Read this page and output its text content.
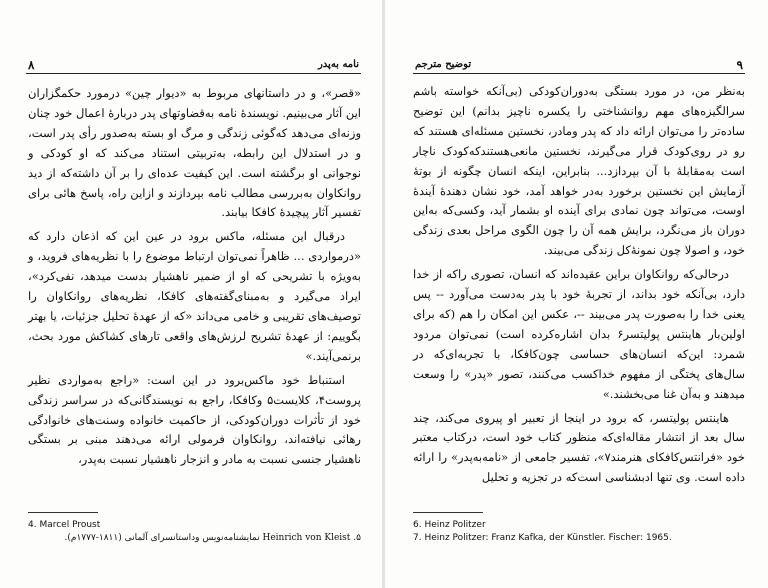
۸	نامه به‌پدر

«قصر»، و در داستانهای مربوط به «دیوار چین» درمورد حکمگزاران این آثار می‌بینیم. نویسندهٔ نامه به‌قضاوتهای پدر دربارهٔ اعمال خود چنان وزنه‌ای می‌دهد که‌گوئی زندگی و مرگ او بسته به‌صدور رأی پدر است، و در استدلال این رابطه، به‌تربیتی استناد می‌کند که او کودکی و نوجوانی او برگشته است. این کیفیت عده‌ای را بر آن داشته‌که از دید روانکاوان به‌بررسی مطالب نامه بپردازند و ازاین راه، پاسخ هائی برای تفسیر آثار پیچیدهٔ کافکا بیابند.

درقبال این مسئله، ماکس برود در عین این که اذعان دارد که «درمواردی ... ظاهراً نمی‌توان ارتباط موضوع را با نظریه‌های فروید، و به‌ویژه با تشریحی که او از ضمیر ناهشیار بدست میدهد، نفی‌کرد»، ایراد می‌گیرد و به‌مبنای‌گفته‌های کافکا، نظریه‌های روانکاوان را توصیف‌های تقریبی و خامی می‌داند «که از عهدهٔ تحلیل جزئیات، یا بهتر بگوییم: از عهدهٔ تشریح لرزش‌های واقعی تارهای کشاکش مورد بحث، برنمی‌آیند.»

استنباط خود ماکس‌برود در این است: «راجع به‌مواردی نظیر پروست۴، کلایست۵ وکافکا، راجع به نویسندگانی‌که در سراسر زندگی خود از تأثرات دوران‌کودکی، از حاکمیت خانواده وسنت‌های خانوادگی رهائی نیافته‌اند، روانکاوان فرمولی ارائه می‌دهند مبنی بر بستگی ناهشیار جنسی نسبت به مادر و انزجار ناهشیار نسبت به‌پدر،

4. Marcel Proust
۵. Heinrich von Kleist نمایشنامه‌نویس وداستانسرای آلمانی (۱۸۱۱-۱۷۷۷م).
توضیح مترجم	۹

به‌نظر من، در مورد بستگی به‌دوران‌کودکی (بی‌آنکه خواسته باشم سرالگیزه‌های مهم روانشناختی را یکسره ناچیز بدانم) این توضیح ساده‌تر را می‌توان ارائه داد که پدر ومادر، نخستین مسئله‌ای هستند که رو در روی‌کودک قرار می‌گیرند، نخستین مانعی‌هستندکه‌کودک ناچار است به‌مقابلهٔ با آن بپردازد... بنابراین، اینکه انسان چگونه از بوتهٔ آزمایش این نخستین برخورد به‌در خواهد آمد، خود نشان دهندهٔ آیندهٔ اوست، می‌تواند چون نمادی برای آینده او بشمار آید، وکسی‌که به‌این دوران باز می‌نگرد، برایش همه آن را چون الگوی مراحل بعدی زندگی خود، و اصولا چون نمونهٔ‌کل زندگی می‌بیند.

درحالی‌که روانکاوان براین عقیده‌اند که انسان، تصوری را‌که از خدا دارد، بی‌آنکه خود بداند، از تجربهٔ خود با پدر به‌دست می‌آورد -- پس یعنی خدا را به‌صورت پدر می‌بیند --، عکس این امکان را هم (که برای اولین‌بار هاینتس پولیتسر۶ بدان اشاره‌کرده است) نمی‌توان مردود شمرد: این‌که انسان‌های حساسی چون‌کافکا، با تجربه‌ای‌که در سال‌های پختگی از مفهوم خدا‌کسب می‌کنند، تصور «پدر» را وسعت میدهند و به‌آن غنا می‌بخشند.»

هاینتس پولیتسر، که برود در اینجا از تعبیر او پیروی می‌کند، چند سال بعد از انتشار مقاله‌ای‌که منظور کتاب خود است، درکتاب معتبر خود «فرانتس‌کافکای هنرمند۷»، تفسیر جامعی از «نامه‌به‌پدر» را ارائه داده است. وی تنها ادبشناسی است‌که در تجزیه و تحلیل

6. Heinz Politzer
7. Heinz Politzer: Franz Kafka, der Künstler. Fischer: 1965.
